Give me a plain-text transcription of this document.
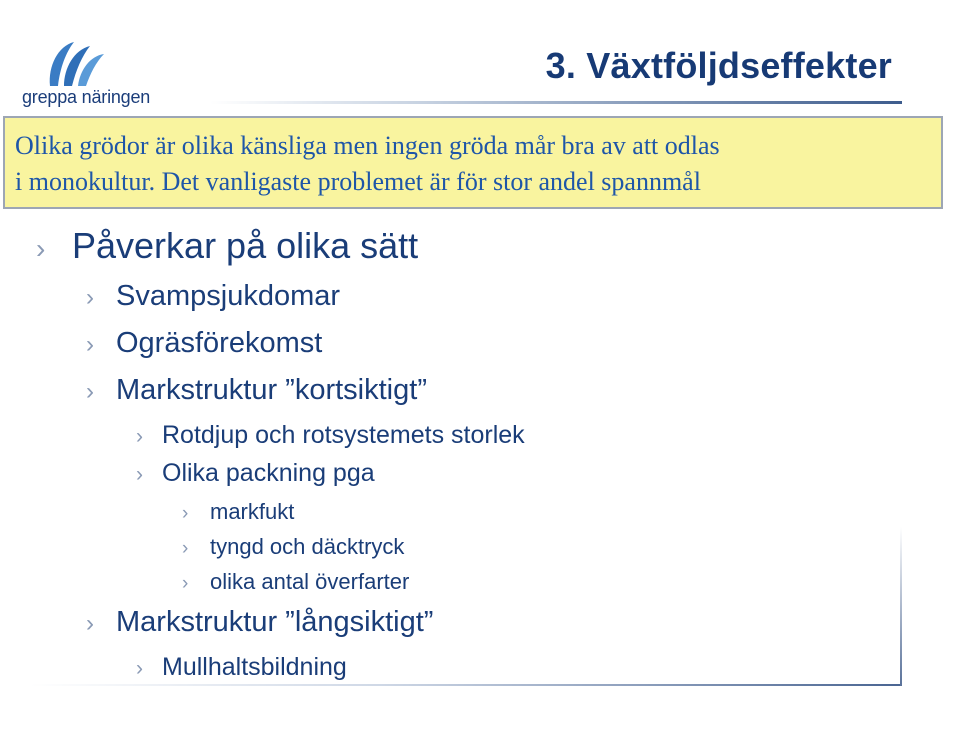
greppa näringen
3. Växtföljdseffekter

Olika grödor är olika känsliga men ingen gröda mår bra av att odlas

i monokultur. Det vanligaste problemet är för stor andel spannmål

› Påverkar på olika sätt
› Svampsjukdomar
› Ogräsförekomst
› Markstruktur ”kortsiktigt”
› Rotdjup och rotsystemets storlek
› Olika packning pga
› markfukt
› tyngd och däcktryck
› olika antal överfarter
› Markstruktur ”långsiktigt”
› Mullhaltsbildning
